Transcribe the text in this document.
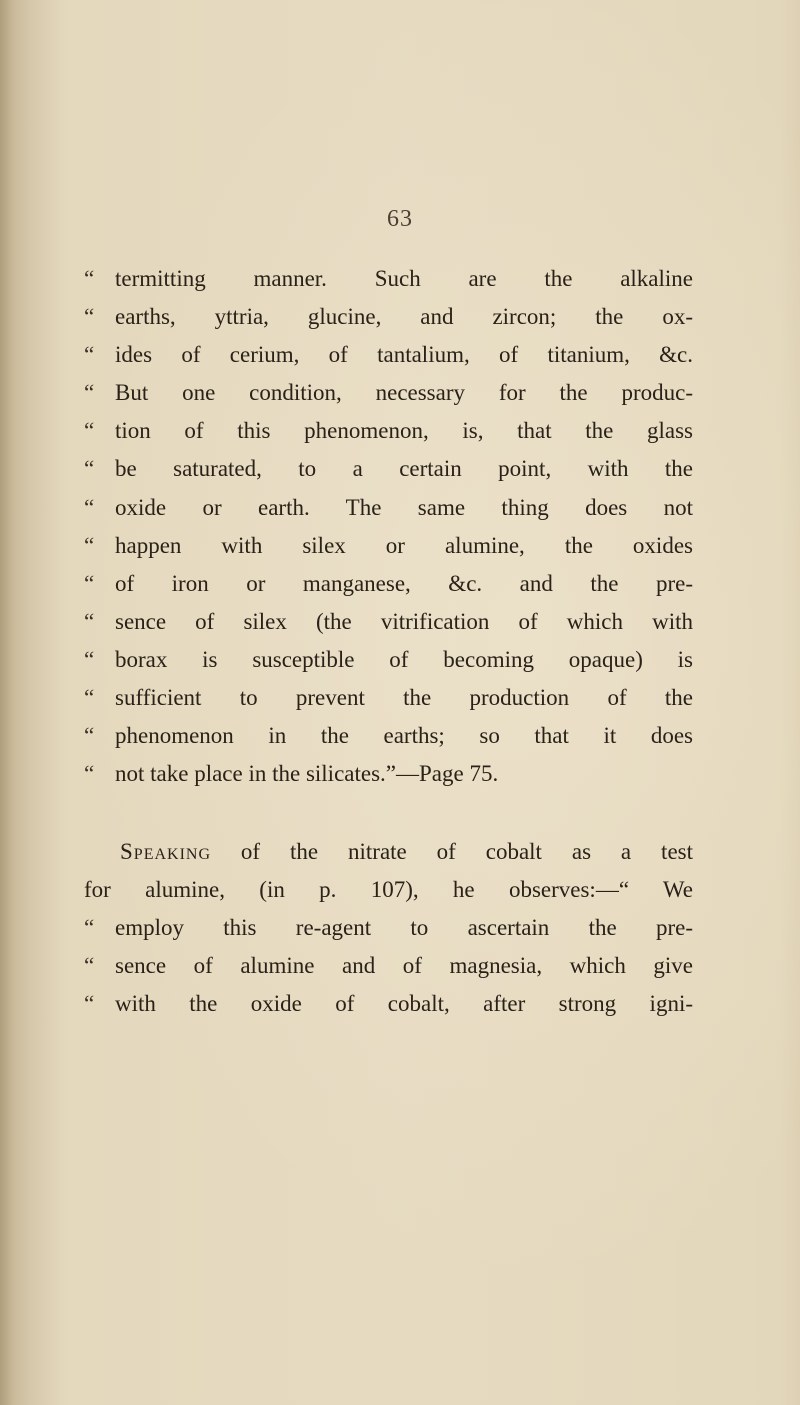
63
“ termitting manner. Such are the alkaline
“ earths, yttria, glucine, and zircon; the ox-
“ ides of cerium, of tantalium, of titanium, &c.
“ But one condition, necessary for the produc-
“ tion of this phenomenon, is, that the glass
“ be saturated, to a certain point, with the
“ oxide or earth. The same thing does not
“ happen with silex or alumine, the oxides
“ of iron or manganese, &c. and the pre-
“ sence of silex (the vitrification of which with
“ borax is susceptible of becoming opaque) is
“ sufficient to prevent the production of the
“ phenomenon in the earths; so that it does
“ not take place in the silicates.”—Page 75.
Speaking of the nitrate of cobalt as a test
for alumine, (in p. 107), he observes:—“ We
“ employ this re-agent to ascertain the pre-
“ sence of alumine and of magnesia, which give
“ with the oxide of cobalt, after strong igni-
